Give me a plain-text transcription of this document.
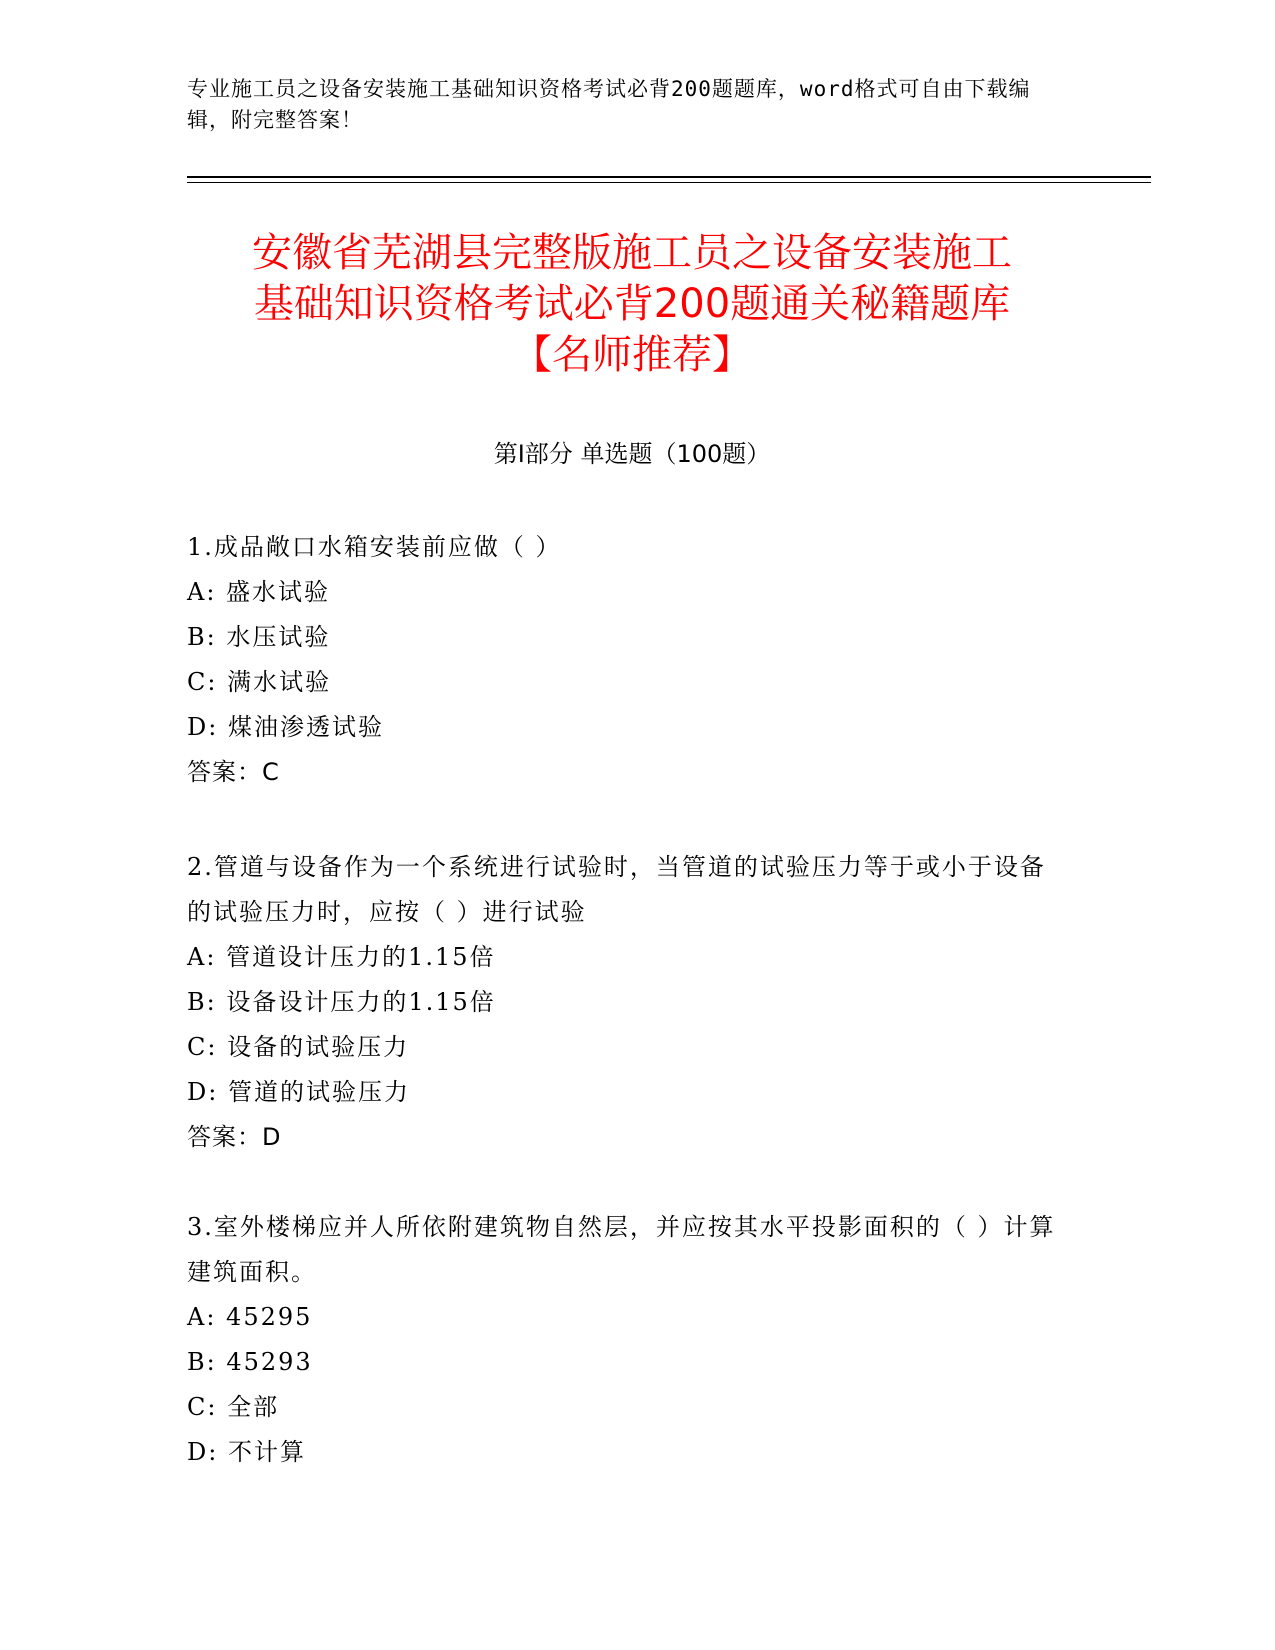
专业施工员之设备安装施工基础知识资格考试必背200题题库，word格式可自由下载编辑，附完整答案！
安徽省芜湖县完整版施工员之设备安装施工
基础知识资格考试必背200题通关秘籍题库
【名师推荐】
第I部分 单选题（100题）
1.成品敞口水箱安装前应做（ ）
A: 盛水试验
B: 水压试验
C: 满水试验
D: 煤油渗透试验
答案：C
2.管道与设备作为一个系统进行试验时，当管道的试验压力等于或小于设备的试验压力时，应按（ ）进行试验
A: 管道设计压力的1.15倍
B: 设备设计压力的1.15倍
C: 设备的试验压力
D: 管道的试验压力
答案：D
3.室外楼梯应并人所依附建筑物自然层，并应按其水平投影面积的（ ）计算建筑面积。
A: 45295
B: 45293
C: 全部
D: 不计算
